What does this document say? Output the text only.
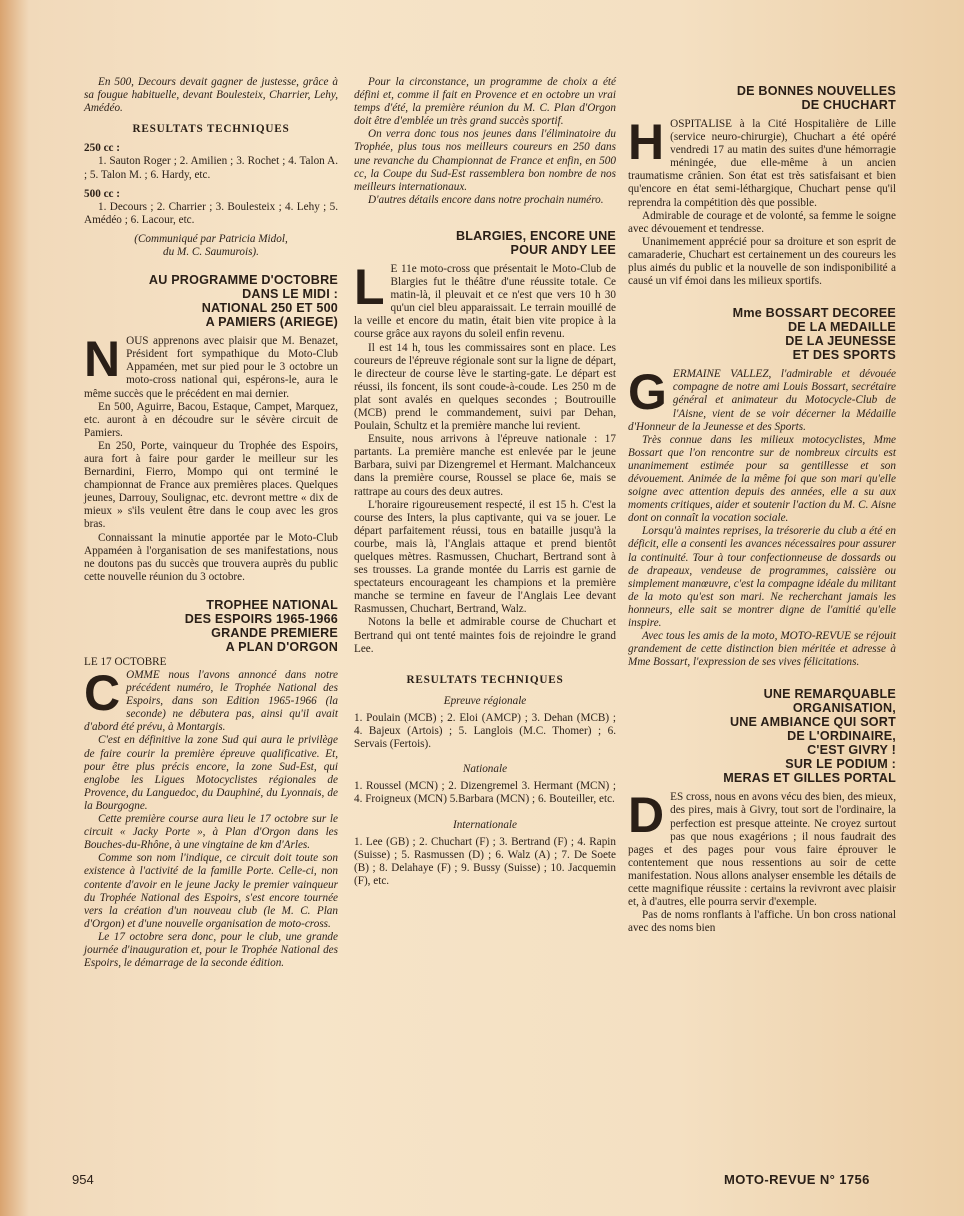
En 500, Decours devait gagner de justesse, grâce à sa fougue habituelle, devant Boulesteix, Charrier, Lehy, Amédéo.

RESULTATS TECHNIQUES

250 cc :

1. Sauton Roger ; 2. Amilien ; 3. Rochet ; 4. Talon A. ; 5. Talon M. ; 6. Hardy, etc.

500 cc :

1. Decours ; 2. Charrier ; 3. Boulesteix ; 4. Lehy ; 5. Amédéo ; 6. Lacour, etc.

(Communiqué par Patricia Midol,
du M. C. Saumurois).
AU PROGRAMME D'OCTOBRE
DANS LE MIDI :
NATIONAL 250 ET 500
A PAMIERS (ARIEGE)

NOUS apprenons avec plaisir que M. Benazet, Président fort sympathique du Moto-Club Appaméen, met sur pied pour le 3 octobre un moto-cross national qui, espérons-le, aura le même succès que le précédent en mai dernier.

En 500, Aguirre, Bacou, Estaque, Campet, Marquez, etc. auront à en découdre sur le sévère circuit de Pamiers.

En 250, Porte, vainqueur du Trophée des Espoirs, aura fort à faire pour garder le meilleur sur les Bernardini, Fierro, Mompo qui ont terminé le championnat de France aux premières places. Quelques jeunes, Darrouy, Soulignac, etc. devront mettre « dix de mieux » s'ils veulent être dans le coup avec les gros bras.

Connaissant la minutie apportée par le Moto-Club Appaméen à l'organisation de ses manifestations, nous ne doutons pas du succès que trouvera auprès du public cette nouvelle réunion du 3 octobre.

TROPHEE NATIONAL
DES ESPOIRS 1965-1966
GRANDE PREMIERE
A PLAN D'ORGON

LE 17 OCTOBRE

COMME nous l'avons annoncé dans notre précédent numéro, le Trophée National des Espoirs, dans son Edition 1965-1966 (la seconde) ne débutera pas, ainsi qu'il avait d'abord été prévu, à Montargis.

C'est en définitive la zone Sud qui aura le privilège de faire courir la première épreuve qualificative. Et, pour être plus précis encore, la zone Sud-Est, qui englobe les Ligues Motocyclistes régionales de Provence, du Languedoc, du Dauphiné, du Lyonnais, de la Bourgogne.

Cette première course aura lieu le 17 octobre sur le circuit « Jacky Porte », à Plan d'Orgon dans les Bouches-du-Rhône, à une vingtaine de km d'Arles.

Comme son nom l'indique, ce circuit doit toute son existence à l'activité de la famille Porte. Celle-ci, non contente d'avoir en le jeune Jacky le premier vainqueur du Trophée National des Espoirs, s'est encore tournée vers la création d'un nouveau club (le M. C. Plan d'Orgon) et d'une nouvelle organisation de moto-cross.

Le 17 octobre sera donc, pour le club, une grande journée d'inauguration et, pour le Trophée National des Espoirs, le démarrage de la seconde édition.

Pour la circonstance, un programme de choix a été défini et, comme il fait en Provence et en octobre un vrai temps d'été, la première réunion du M. C. Plan d'Orgon doit être d'emblée un très grand succès sportif.

On verra donc tous nos jeunes dans l'éliminatoire du Trophée, plus tous nos meilleurs coureurs en 250 dans une revanche du Championnat de France et enfin, en 500 cc, la Coupe du Sud-Est rassemblera bon nombre de nos meilleurs internationaux.

D'autres détails encore dans notre prochain numéro.

BLARGIES, ENCORE UNE
POUR ANDY LEE

L E 11e moto-cross que présentait le Moto-Club de Blargies fut le théâtre d'une réussite totale. Ce matin-là, il pleuvait et ce n'est que vers 10 h 30 qu'un ciel bleu apparaissait. Le terrain mouillé de la veille et encore du matin, était bien vite propice à la course grâce aux rayons du soleil enfin revenu.

Il est 14 h, tous les commissaires sont en place. Les coureurs de l'épreuve régionale sont sur la ligne de départ, le directeur de course lève le starting-gate. Le départ est réussi, ils foncent, ils sont coude-à-coude. Les 250 m de plat sont avalés en quelques secondes ; Boutrouille (MCB) prend le commandement, suivi par Dehan, Poulain, Schultz et la première manche lui revient.

Ensuite, nous arrivons à l'épreuve nationale : 17 partants. La première manche est enlevée par le jeune Barbara, suivi par Dizengremel et Hermant. Malchanceux dans la première course, Roussel se place 6e, mais se rattrape au cours des deux autres.

L'horaire rigoureusement respecté, il est 15 h. C'est la course des Inters, la plus captivante, qui va se jouer. Le départ parfaitement réussi, tous en bataille jusqu'à la courbe, mais là, l'Anglais attaque et prend bientôt quelques mètres. Rasmussen, Chuchart, Bertrand sont à ses trousses. La grande montée du Larris est garnie de spectateurs encourageant les champions et la première manche se termine en faveur de l'Anglais Lee devant Rasmussen, Chuchart, Bertrand, Walz.

Notons la belle et admirable course de Chuchart et Bertrand qui ont tenté maintes fois de rejoindre le grand Lee.

RESULTATS TECHNIQUES
Epreuve régionale

1. Poulain (MCB) ; 2. Eloi (AMCP) ; 3. Dehan (MCB) ; 4. Bajeux (Artois) ; 5. Langlois (M.C. Thomer) ; 6. Servais (Fertois).

Nationale

1. Roussel (MCN) ; 2. Dizengremel 3. Hermant (MCN) ; 4. Froigneux (MCN) 5.Barbara (MCN) ; 6. Bouteiller, etc.

Internationale

1. Lee (GB) ; 2. Chuchart (F) ; 3. Bertrand (F) ; 4. Rapin (Suisse) ; 5. Rasmussen (D) ; 6. Walz (A) ; 7. De Soete (B) ; 8. Delahaye (F) ; 9. Bussy (Suisse) ; 10. Jacquemin (F), etc.

DE BONNES NOUVELLES
DE CHUCHART

HOSPITALISE à la Cité Hospitalière de Lille (service neuro-chirurgie), Chuchart a été opéré vendredi 17 au matin des suites d'une hémorragie méningée, due elle-même à un ancien traumatisme crânien. Son état est très satisfaisant et bien qu'encore en état semi-léthargique, Chuchart pense qu'il reprendra la compétition dès que possible.

Admirable de courage et de volonté, sa femme le soigne avec dévouement et tendresse.

Unanimement apprécié pour sa droiture et son esprit de camaraderie, Chuchart est certainement un des coureurs les plus aimés du public et la nouvelle de son indisponibilité a causé un vif émoi dans les milieux sportifs.

Mme BOSSART DECOREE
DE LA MEDAILLE
DE LA JEUNESSE
ET DES SPORTS

GERMAINE VALLEZ, l'admirable et dévouée compagne de notre ami Louis Bossart, secrétaire général et animateur du Motocycle-Club de l'Aisne, vient de se voir décerner la Médaille d'Honneur de la Jeunesse et des Sports.

Très connue dans les milieux motocyclistes, Mme Bossart que l'on rencontre sur de nombreux circuits est unanimement estimée pour sa gentillesse et son dévouement. Animée de la même foi que son mari qu'elle soigne avec attention depuis des années, elle a su aux moments critiques, aider et soutenir l'action du M. C. Aisne dont on connaît la vocation sociale.

Lorsqu'à maintes reprises, la trésorerie du club a été en déficit, elle a consenti les avances nécessaires pour assurer la continuité. Tour à tour confectionneuse de dossards ou de drapeaux, vendeuse de programmes, caissière ou simplement manœuvre, c'est la compagne idéale du militant de la moto qu'est son mari. Ne recherchant jamais les honneurs, elle sait se montrer digne de l'amitié qu'elle inspire.

Avec tous les amis de la moto, MOTO-REVUE se réjouit grandement de cette distinction bien méritée et adresse à Mme Bossart, l'expression de ses vives félicitations.

UNE REMARQUABLE
ORGANISATION,
UNE AMBIANCE QUI SORT
DE L'ORDINAIRE,
C'EST GIVRY !
SUR LE PODIUM :
MERAS ET GILLES PORTAL

DES cross, nous en avons vécu des bien, des mieux, des pires, mais à Givry, tout sort de l'ordinaire, la perfection est presque atteinte. Ne croyez surtout pas que nous exagérions ; il nous faudrait des pages et des pages pour vous faire éprouver le contentement que nous ressentions au soir de cette manifestation. Nous allons analyser ensemble les détails de cette magnifique réussite : certains la revivront avec plaisir et, à d'autres, elle pourra servir d'exemple.

Pas de noms ronflants à l'affiche. Un bon cross national avec des noms bien

954	MOTO-REVUE N° 1756
